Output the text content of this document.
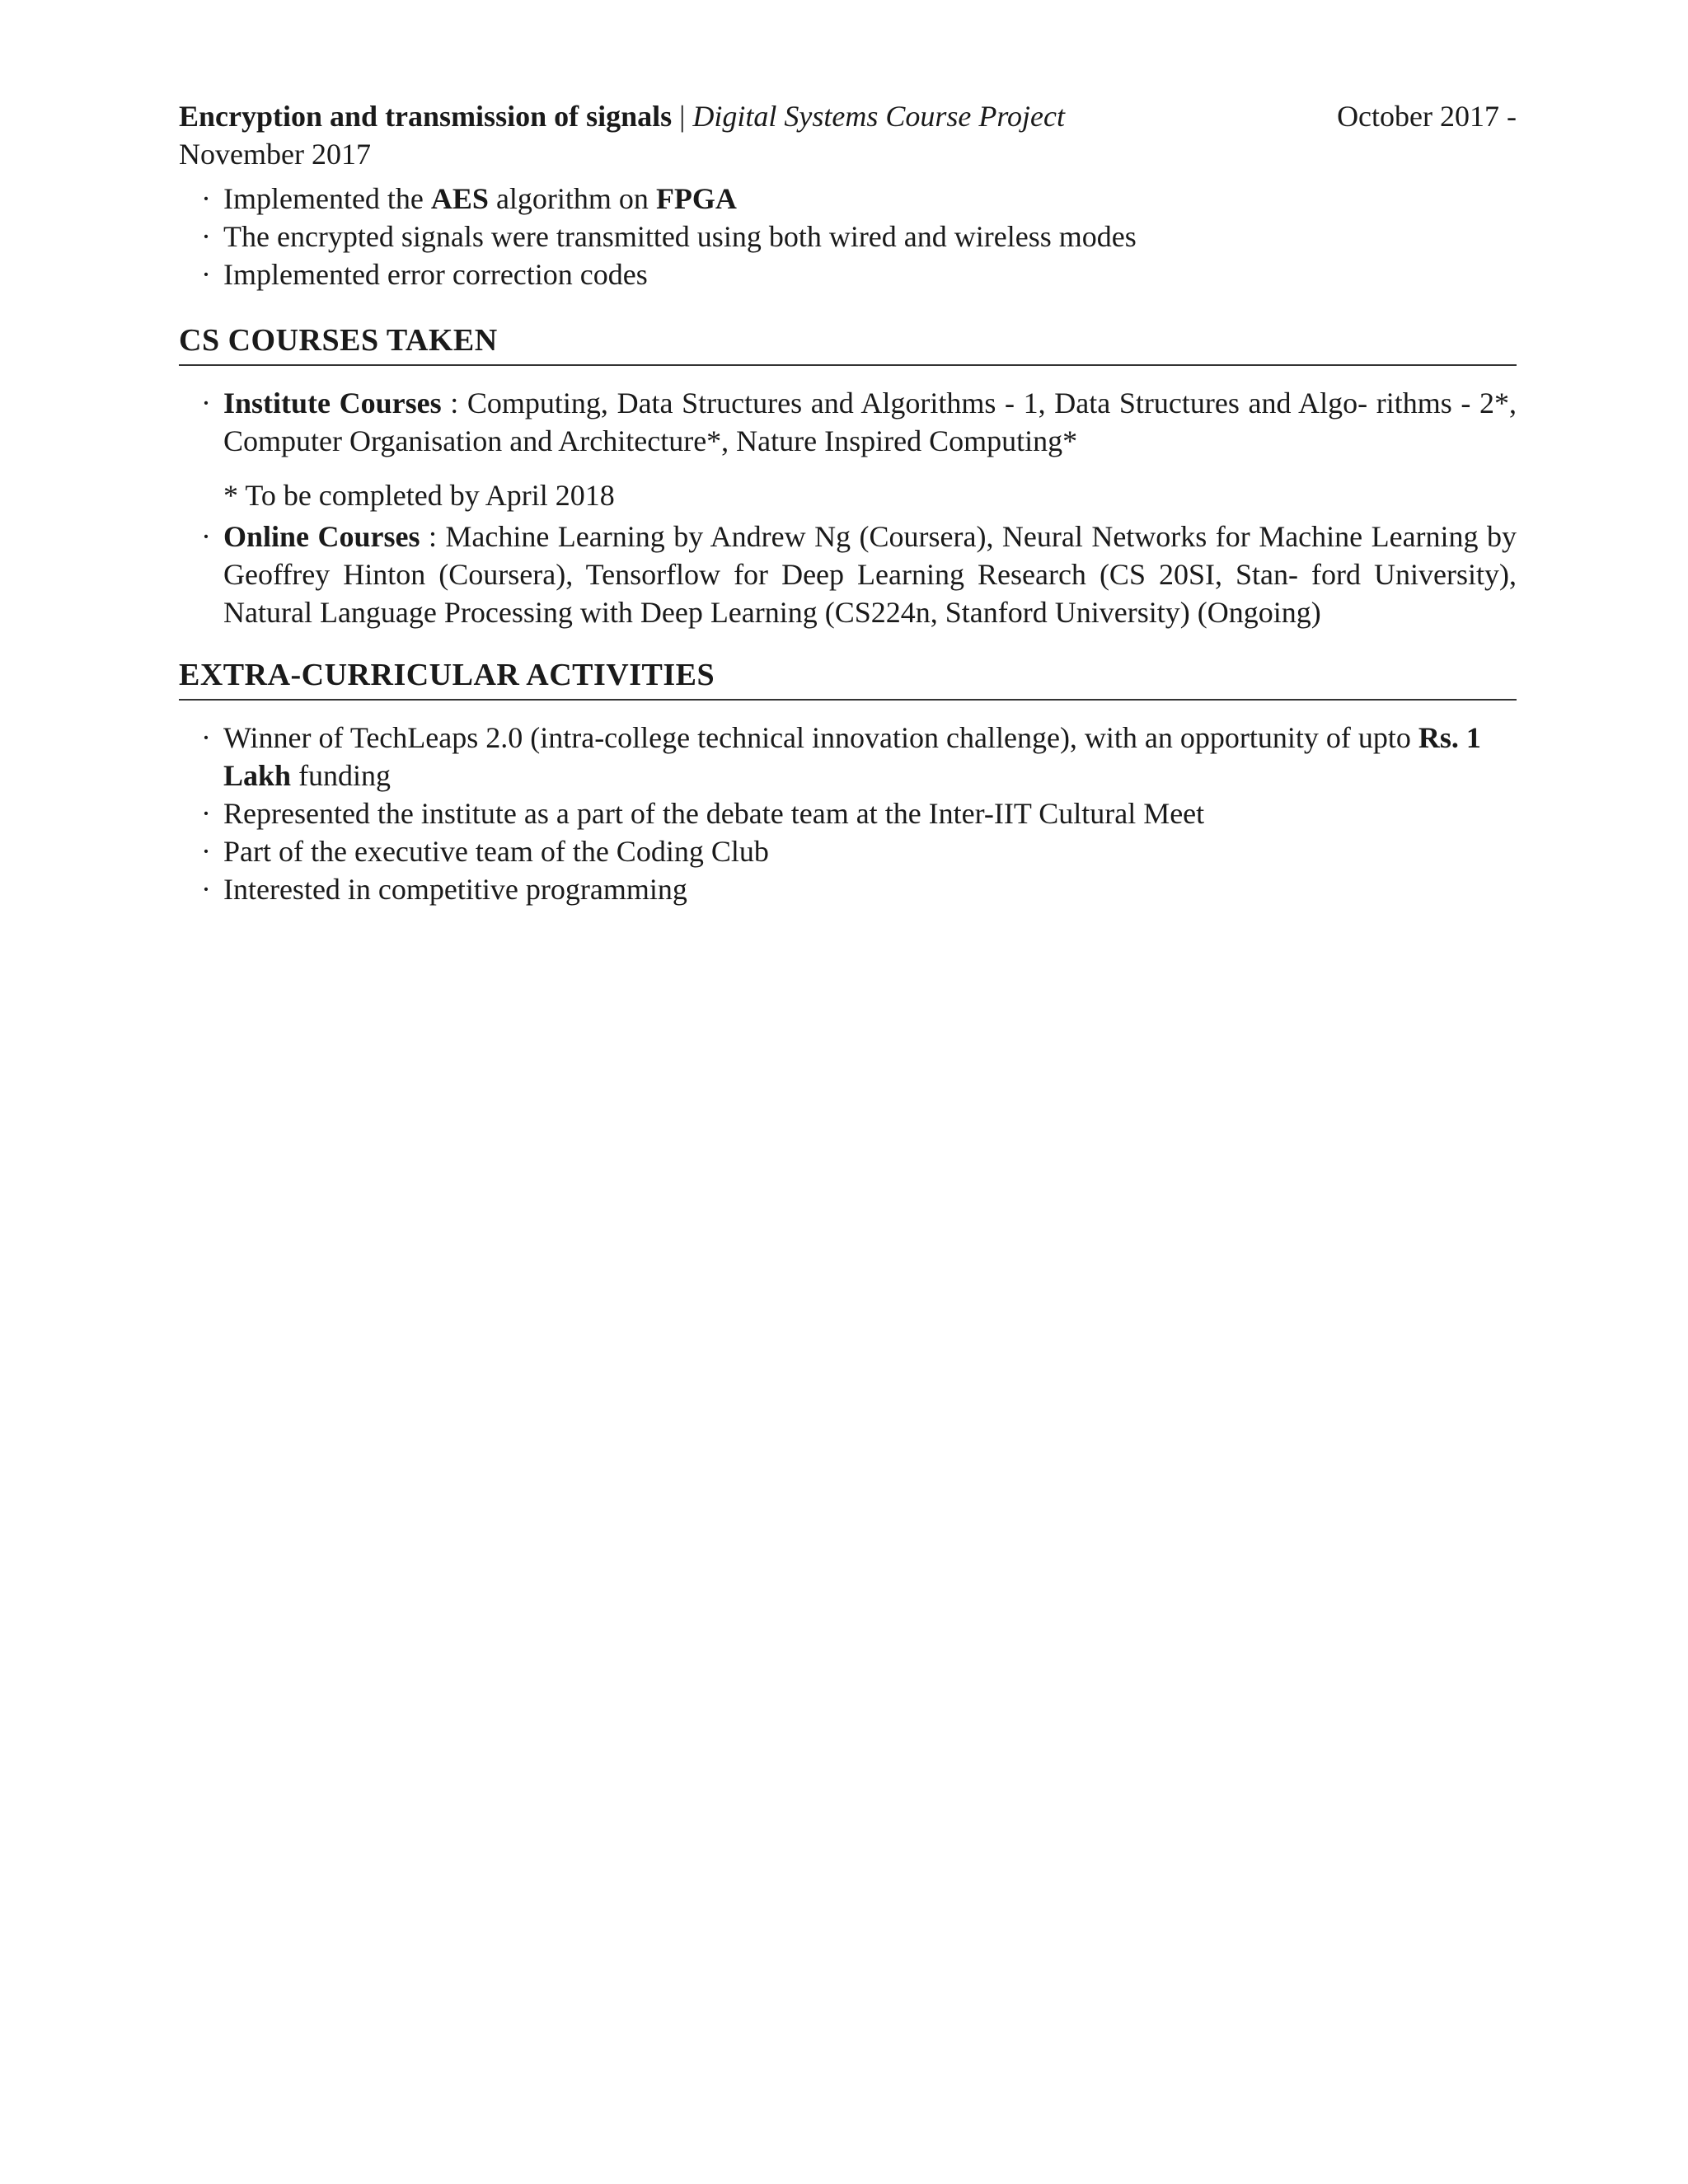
Encryption and transmission of signals | Digital Systems Course Project	October 2017 -
November 2017
· Implemented the AES algorithm on FPGA
· The encrypted signals were transmitted using both wired and wireless modes
· Implemented error correction codes
CS COURSES TAKEN
· Institute Courses : Computing, Data Structures and Algorithms - 1, Data Structures and Algo- rithms - 2*, Computer Organisation and Architecture*, Nature Inspired Computing*
* To be completed by April 2018
· Online Courses : Machine Learning by Andrew Ng (Coursera), Neural Networks for Machine Learning by Geoffrey Hinton (Coursera), Tensorflow for Deep Learning Research (CS 20SI, Stan- ford University), Natural Language Processing with Deep Learning (CS224n, Stanford University) (Ongoing)
EXTRA-CURRICULAR ACTIVITIES
· Winner of TechLeaps 2.0 (intra-college technical innovation challenge), with an opportunity of upto Rs. 1 Lakh funding
· Represented the institute as a part of the debate team at the Inter-IIT Cultural Meet
· Part of the executive team of the Coding Club
· Interested in competitive programming
